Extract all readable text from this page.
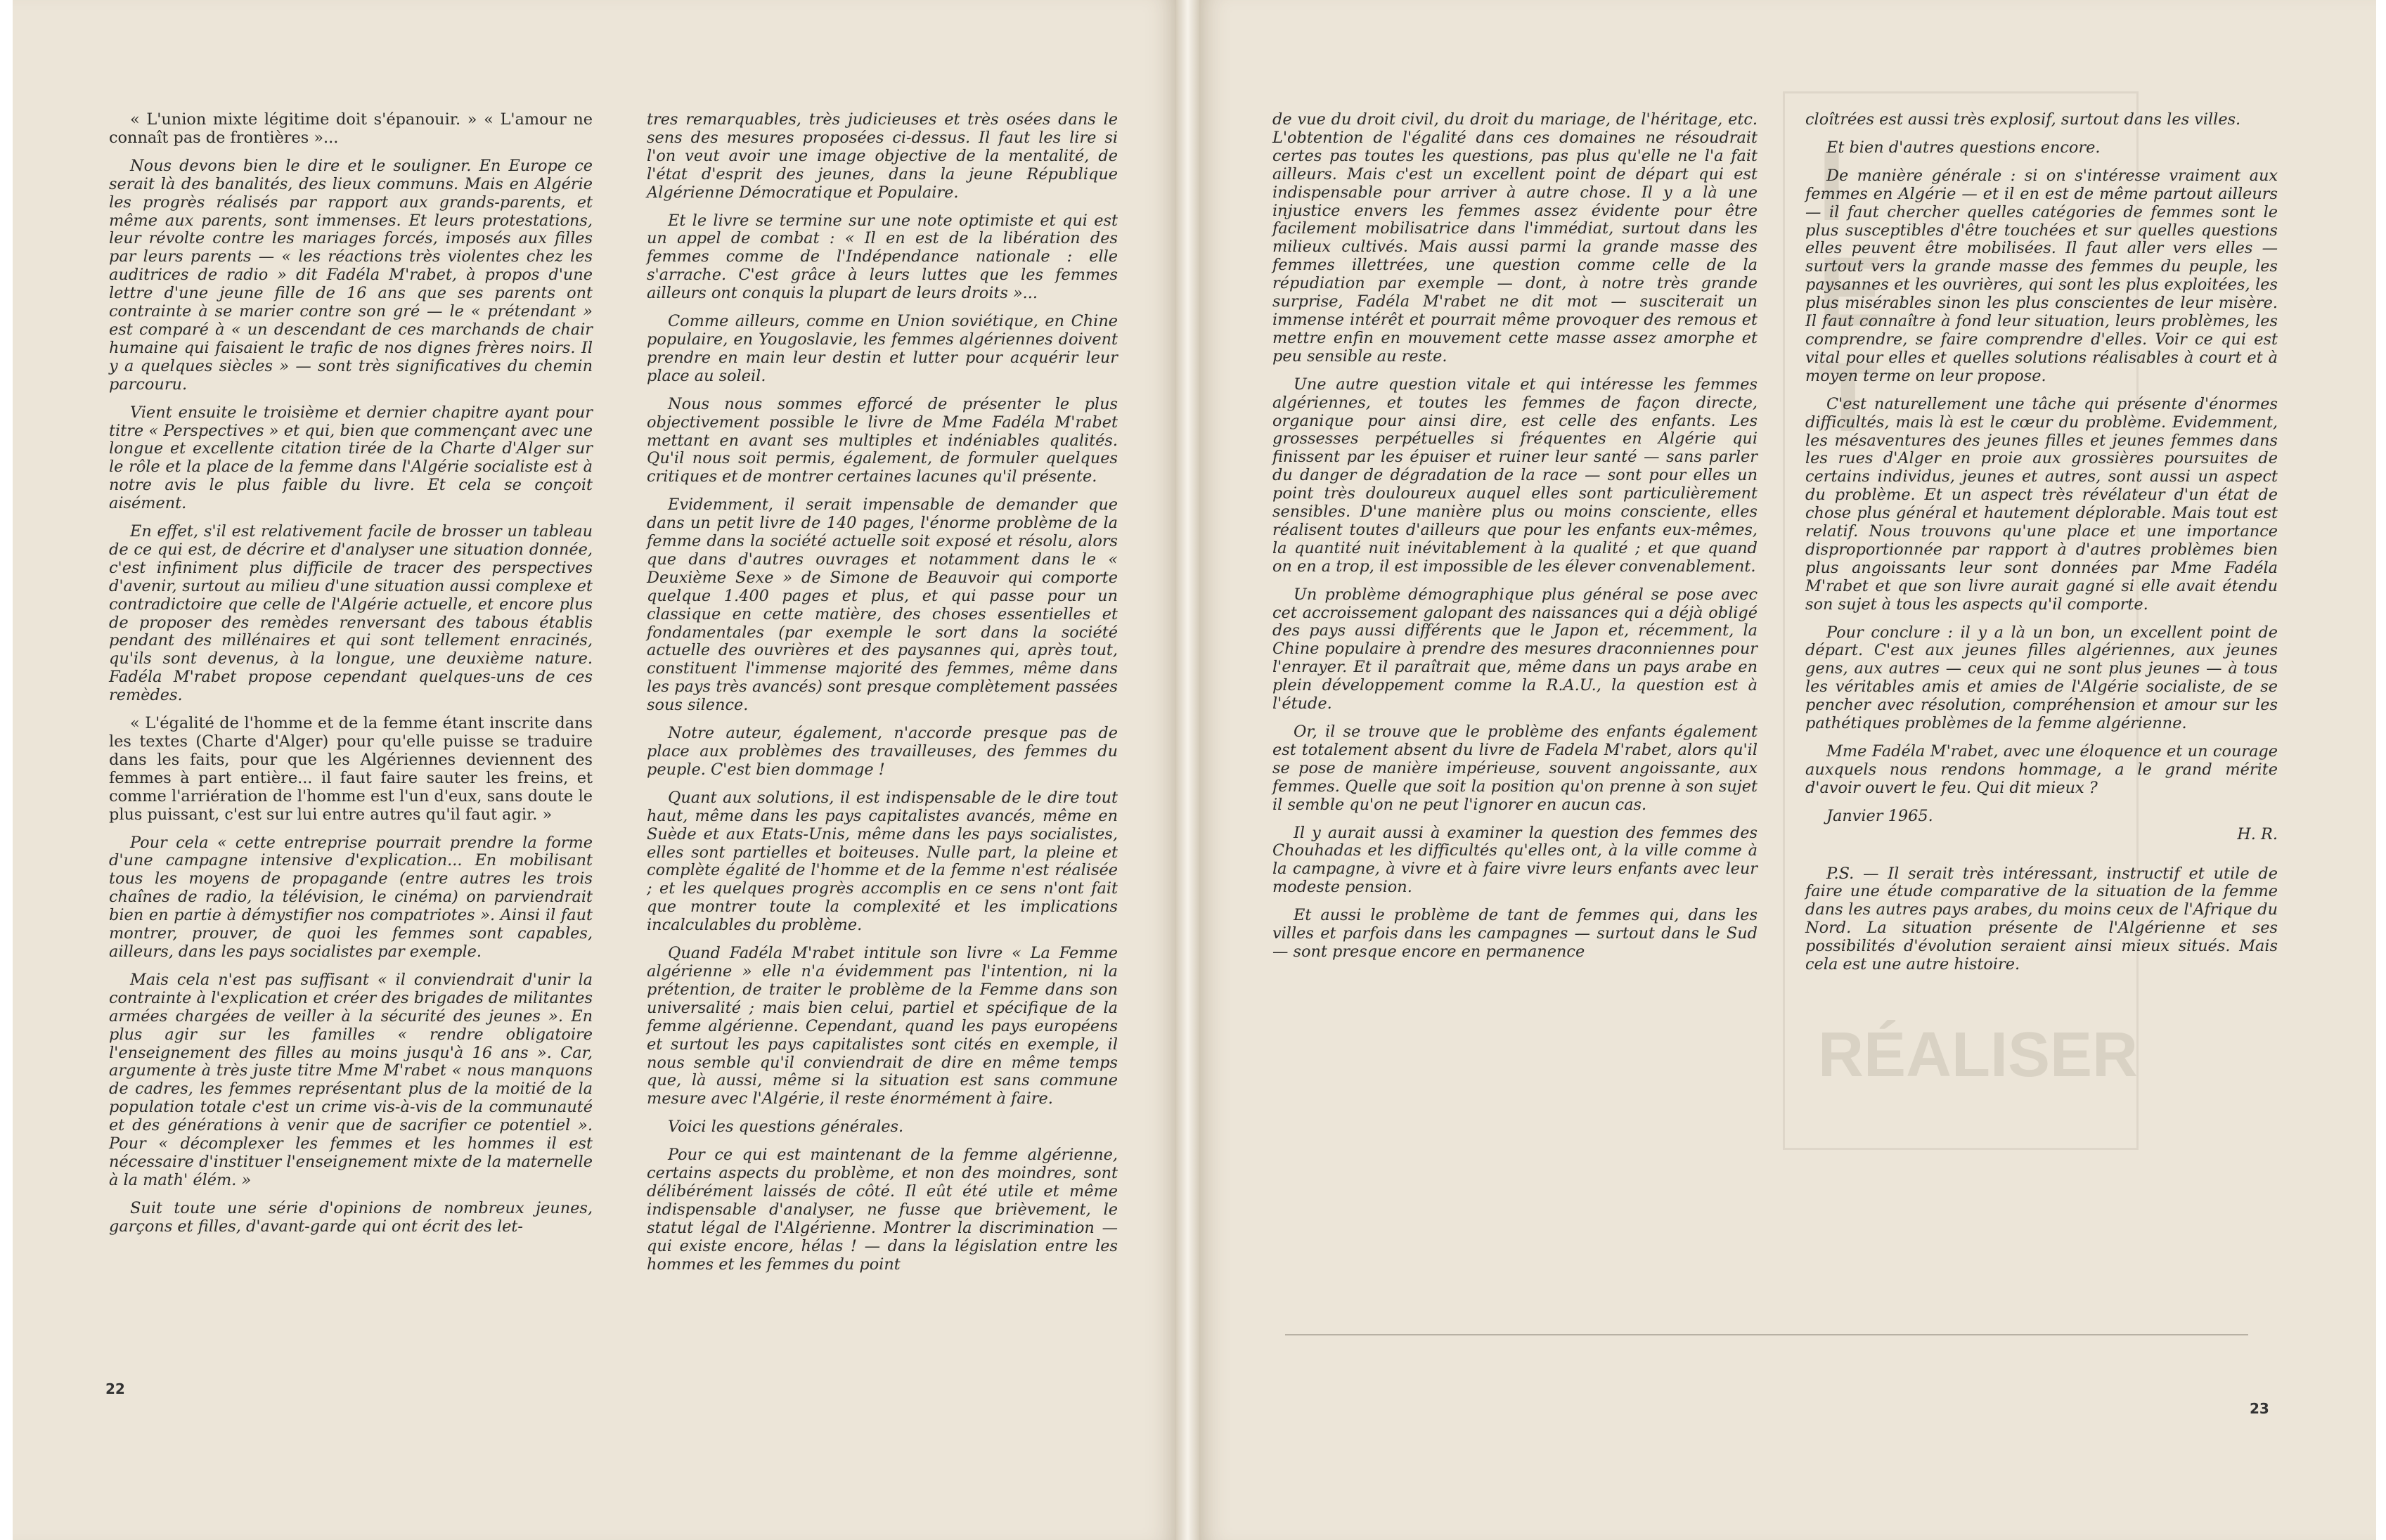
I
E
T
RÉALISER

« L'union mixte légitime doit s'épanouir. » « L'amour ne connaît pas de frontières »...

Nous devons bien le dire et le souligner. En Europe ce serait là des banalités, des lieux communs. Mais en Algérie les progrès réalisés par rapport aux grands-parents, et même aux parents, sont immenses. Et leurs protestations, leur révolte contre les mariages forcés, imposés aux filles par leurs parents — « les réactions très violentes chez les auditrices de radio » dit Fadéla M'rabet, à propos d'une lettre d'une jeune fille de 16 ans que ses parents ont contrainte à se marier contre son gré — le « prétendant » est comparé à « un descendant de ces marchands de chair humaine qui faisaient le trafic de nos dignes frères noirs. Il y a quelques siècles » — sont très significatives du chemin parcouru.

Vient ensuite le troisième et dernier chapitre ayant pour titre « Perspectives » et qui, bien que commençant avec une longue et excellente citation tirée de la Charte d'Alger sur le rôle et la place de la femme dans l'Algérie socialiste est à notre avis le plus faible du livre. Et cela se conçoit aisément.

En effet, s'il est relativement facile de brosser un tableau de ce qui est, de décrire et d'analyser une situation donnée, c'est infiniment plus difficile de tracer des perspectives d'avenir, surtout au milieu d'une situation aussi complexe et contradictoire que celle de l'Algérie actuelle, et encore plus de proposer des remèdes renversant des tabous établis pendant des millénaires et qui sont tellement enracinés, qu'ils sont devenus, à la longue, une deuxième nature. Fadéla M'rabet propose cependant quelques-uns de ces remèdes.

« L'égalité de l'homme et de la femme étant inscrite dans les textes (Charte d'Alger) pour qu'elle puisse se traduire dans les faits, pour que les Algériennes deviennent des femmes à part entière... il faut faire sauter les freins, et comme l'arriération de l'homme est l'un d'eux, sans doute le plus puissant, c'est sur lui entre autres qu'il faut agir. »

Pour cela « cette entreprise pourrait prendre la forme d'une campagne intensive d'explication... En mobilisant tous les moyens de propagande (entre autres les trois chaînes de radio, la télévision, le cinéma) on parviendrait bien en partie à démystifier nos compatriotes ». Ainsi il faut montrer, prouver, de quoi les femmes sont capables, ailleurs, dans les pays socialistes par exemple.

Mais cela n'est pas suffisant « il conviendrait d'unir la contrainte à l'explication et créer des brigades de militantes armées chargées de veiller à la sécurité des jeunes ». En plus agir sur les familles « rendre obligatoire l'enseignement des filles au moins jusqu'à 16 ans ». Car, argumente à très juste titre Mme M'rabet « nous manquons de cadres, les femmes représentant plus de la moitié de la population totale c'est un crime vis-à-vis de la communauté et des générations à venir que de sacrifier ce potentiel ». Pour « décomplexer les femmes et les hommes il est nécessaire d'instituer l'enseignement mixte de la maternelle à la math' élém. »

Suit toute une série d'opinions de nombreux jeunes, garçons et filles, d'avant-garde qui ont écrit des let-

tres remarquables, très judicieuses et très osées dans le sens des mesures proposées ci-dessus. Il faut les lire si l'on veut avoir une image objective de la mentalité, de l'état d'esprit des jeunes, dans la jeune République Algérienne Démocratique et Populaire.

Et le livre se termine sur une note optimiste et qui est un appel de combat : « Il en est de la libération des femmes comme de l'Indépendance nationale : elle s'arrache. C'est grâce à leurs luttes que les femmes ailleurs ont conquis la plupart de leurs droits »...

Comme ailleurs, comme en Union soviétique, en Chine populaire, en Yougoslavie, les femmes algériennes doivent prendre en main leur destin et lutter pour acquérir leur place au soleil.

Nous nous sommes efforcé de présenter le plus objectivement possible le livre de Mme Fadéla M'rabet mettant en avant ses multiples et indéniables qualités. Qu'il nous soit permis, également, de formuler quelques critiques et de montrer certaines lacunes qu'il présente.

Evidemment, il serait impensable de demander que dans un petit livre de 140 pages, l'énorme problème de la femme dans la société actuelle soit exposé et résolu, alors que dans d'autres ouvrages et notamment dans le « Deuxième Sexe » de Simone de Beauvoir qui comporte quelque 1.400 pages et plus, et qui passe pour un classique en cette matière, des choses essentielles et fondamentales (par exemple le sort dans la société actuelle des ouvrières et des paysannes qui, après tout, constituent l'immense majorité des femmes, même dans les pays très avancés) sont presque complètement passées sous silence.

Notre auteur, également, n'accorde presque pas de place aux problèmes des travailleuses, des femmes du peuple. C'est bien dommage !

Quant aux solutions, il est indispensable de le dire tout haut, même dans les pays capitalistes avancés, même en Suède et aux Etats-Unis, même dans les pays socialistes, elles sont partielles et boiteuses. Nulle part, la pleine et complète égalité de l'homme et de la femme n'est réalisée ; et les quelques progrès accomplis en ce sens n'ont fait que montrer toute la complexité et les implications incalculables du problème.

Quand Fadéla M'rabet intitule son livre « La Femme algérienne » elle n'a évidemment pas l'intention, ni la prétention, de traiter le problème de la Femme dans son universalité ; mais bien celui, partiel et spécifique de la femme algérienne. Cependant, quand les pays européens et surtout les pays capitalistes sont cités en exemple, il nous semble qu'il conviendrait de dire en même temps que, là aussi, même si la situation est sans commune mesure avec l'Algérie, il reste énormément à faire.

Voici les questions générales.

Pour ce qui est maintenant de la femme algérienne, certains aspects du problème, et non des moindres, sont délibérément laissés de côté. Il eût été utile et même indispensable d'analyser, ne fusse que brièvement, le statut légal de l'Algérienne. Montrer la discrimination — qui existe encore, hélas ! — dans la législation entre les hommes et les femmes du point

de vue du droit civil, du droit du mariage, de l'héritage, etc. L'obtention de l'égalité dans ces domaines ne résoudrait certes pas toutes les questions, pas plus qu'elle ne l'a fait ailleurs. Mais c'est un excellent point de départ qui est indispensable pour arriver à autre chose. Il y a là une injustice envers les femmes assez évidente pour être facilement mobilisatrice dans l'immédiat, surtout dans les milieux cultivés. Mais aussi parmi la grande masse des femmes illettrées, une question comme celle de la répudiation par exemple — dont, à notre très grande surprise, Fadéla M'rabet ne dit mot — susciterait un immense intérêt et pourrait même provoquer des remous et mettre enfin en mouvement cette masse assez amorphe et peu sensible au reste.

Une autre question vitale et qui intéresse les femmes algériennes, et toutes les femmes de façon directe, organique pour ainsi dire, est celle des enfants. Les grossesses perpétuelles si fréquentes en Algérie qui finissent par les épuiser et ruiner leur santé — sans parler du danger de dégradation de la race — sont pour elles un point très douloureux auquel elles sont particulièrement sensibles. D'une manière plus ou moins consciente, elles réalisent toutes d'ailleurs que pour les enfants eux-mêmes, la quantité nuit inévitablement à la qualité ; et que quand on en a trop, il est impossible de les élever convenablement.

Un problème démographique plus général se pose avec cet accroissement galopant des naissances qui a déjà obligé des pays aussi différents que le Japon et, récemment, la Chine populaire à prendre des mesures draconniennes pour l'enrayer. Et il paraîtrait que, même dans un pays arabe en plein développement comme la R.A.U., la question est à l'étude.

Or, il se trouve que le problème des enfants également est totalement absent du livre de Fadela M'rabet, alors qu'il se pose de manière impérieuse, souvent angoissante, aux femmes. Quelle que soit la position qu'on prenne à son sujet il semble qu'on ne peut l'ignorer en aucun cas.

Il y aurait aussi à examiner la question des femmes des Chouhadas et les difficultés qu'elles ont, à la ville comme à la campagne, à vivre et à faire vivre leurs enfants avec leur modeste pension.

Et aussi le problème de tant de femmes qui, dans les villes et parfois dans les campagnes — surtout dans le Sud — sont presque encore en permanence

cloîtrées est aussi très explosif, surtout dans les villes.

Et bien d'autres questions encore.

De manière générale : si on s'intéresse vraiment aux femmes en Algérie — et il en est de même partout ailleurs — il faut chercher quelles catégories de femmes sont le plus susceptibles d'être touchées et sur quelles questions elles peuvent être mobilisées. Il faut aller vers elles — surtout vers la grande masse des femmes du peuple, les paysannes et les ouvrières, qui sont les plus exploitées, les plus misérables sinon les plus conscientes de leur misère. Il faut connaître à fond leur situation, leurs problèmes, les comprendre, se faire comprendre d'elles. Voir ce qui est vital pour elles et quelles solutions réalisables à court et à moyen terme on leur propose.

C'est naturellement une tâche qui présente d'énormes difficultés, mais là est le cœur du problème. Evidemment, les mésaventures des jeunes filles et jeunes femmes dans les rues d'Alger en proie aux grossières poursuites de certains individus, jeunes et autres, sont aussi un aspect du problème. Et un aspect très révélateur d'un état de chose plus général et hautement déplorable. Mais tout est relatif. Nous trouvons qu'une place et une importance disproportionnée par rapport à d'autres problèmes bien plus angoissants leur sont données par Mme Fadéla M'rabet et que son livre aurait gagné si elle avait étendu son sujet à tous les aspects qu'il comporte.

Pour conclure : il y a là un bon, un excellent point de départ. C'est aux jeunes filles algériennes, aux jeunes gens, aux autres — ceux qui ne sont plus jeunes — à tous les véritables amis et amies de l'Algérie socialiste, de se pencher avec résolution, compréhension et amour sur les pathétiques problèmes de la femme algérienne.

Mme Fadéla M'rabet, avec une éloquence et un courage auxquels nous rendons hommage, a le grand mérite d'avoir ouvert le feu. Qui dit mieux ?

Janvier 1965.

H. R.

P.S. — Il serait très intéressant, instructif et utile de faire une étude comparative de la situation de la femme dans les autres pays arabes, du moins ceux de l'Afrique du Nord. La situation présente de l'Algérienne et ses possibilités d'évolution seraient ainsi mieux situés. Mais cela est une autre histoire.

22
23
